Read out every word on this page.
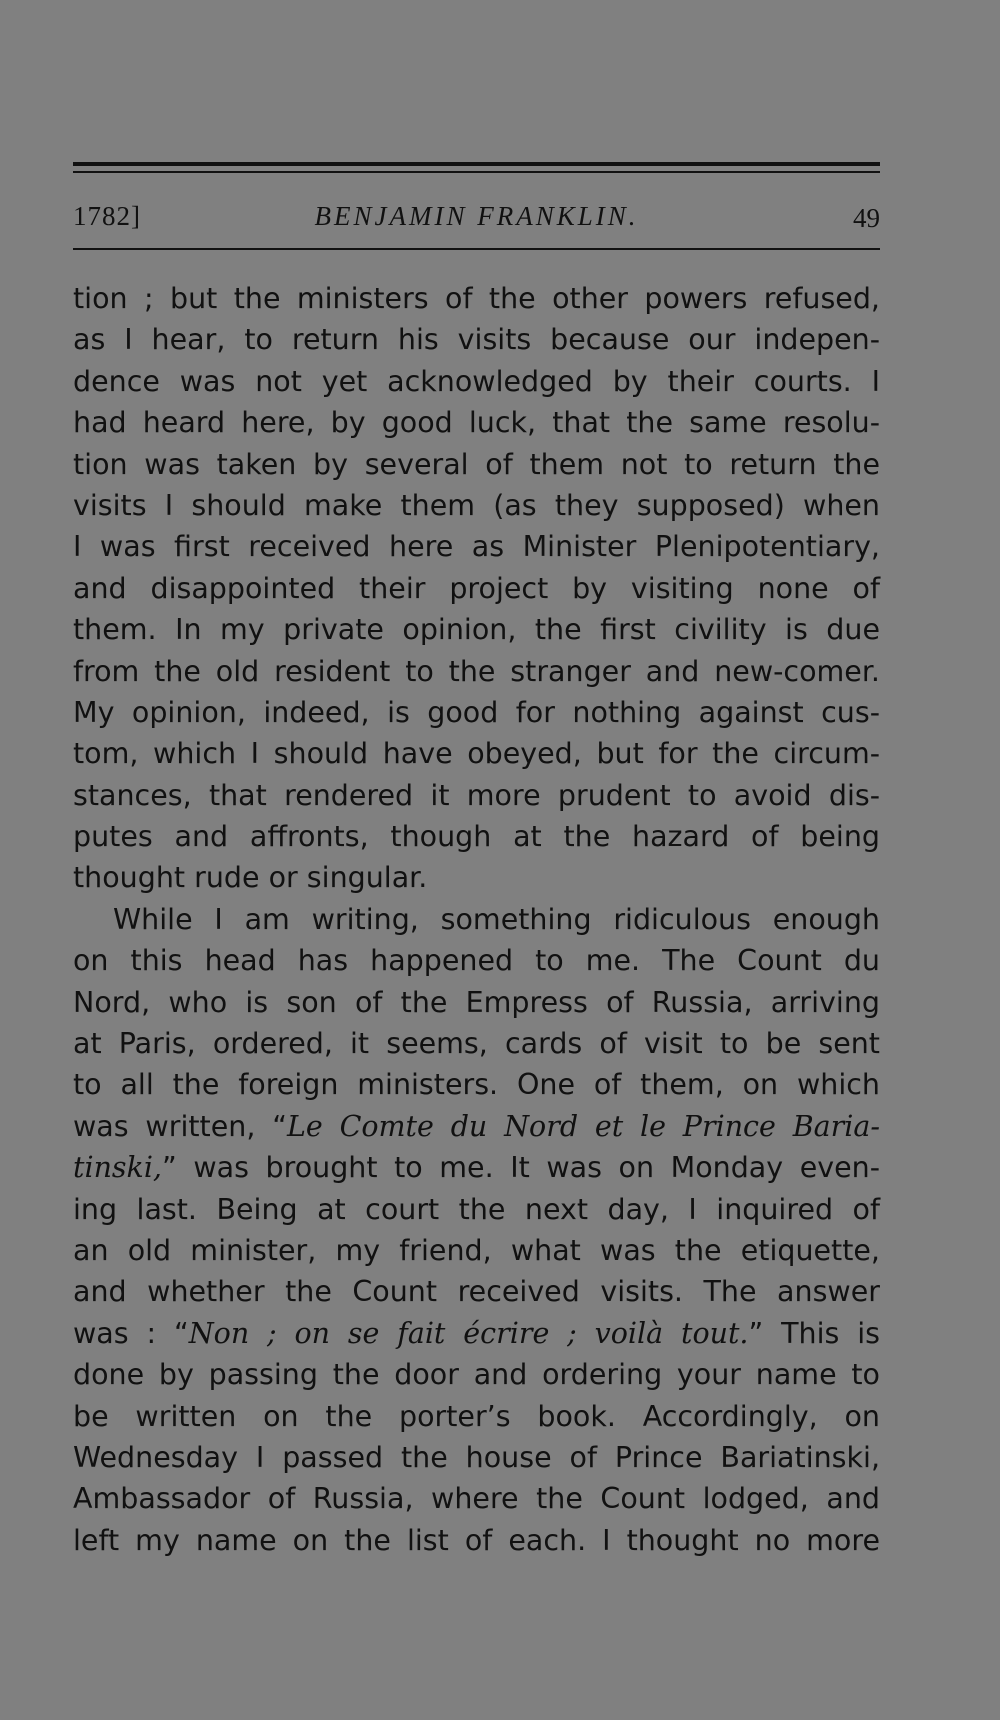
1782]	BENJAMIN FRANKLIN.	49
tion ; but the ministers of the other powers refused,
as I hear, to return his visits because our indepen-
dence was not yet acknowledged by their courts. I
had heard here, by good luck, that the same resolu-
tion was taken by several of them not to return the
visits I should make them (as they supposed) when
I was first received here as Minister Plenipotentiary,
and disappointed their project by visiting none of
them. In my private opinion, the first civility is due
from the old resident to the stranger and new-comer.
My opinion, indeed, is good for nothing against cus-
tom, which I should have obeyed, but for the circum-
stances, that rendered it more prudent to avoid dis-
putes and affronts, though at the hazard of being
thought rude or singular.
While I am writing, something ridiculous enough
on this head has happened to me. The Count du
Nord, who is son of the Empress of Russia, arriving
at Paris, ordered, it seems, cards of visit to be sent
to all the foreign ministers. One of them, on which
was written, “Le Comte du Nord et le Prince Baria-
tinski,” was brought to me. It was on Monday even-
ing last. Being at court the next day, I inquired of
an old minister, my friend, what was the etiquette,
and whether the Count received visits. The answer
was : “Non ; on se fait écrire ; voilà tout.” This is
done by passing the door and ordering your name to
be written on the porter’s book. Accordingly, on
Wednesday I passed the house of Prince Bariatinski,
Ambassador of Russia, where the Count lodged, and
left my name on the list of each. I thought no more
